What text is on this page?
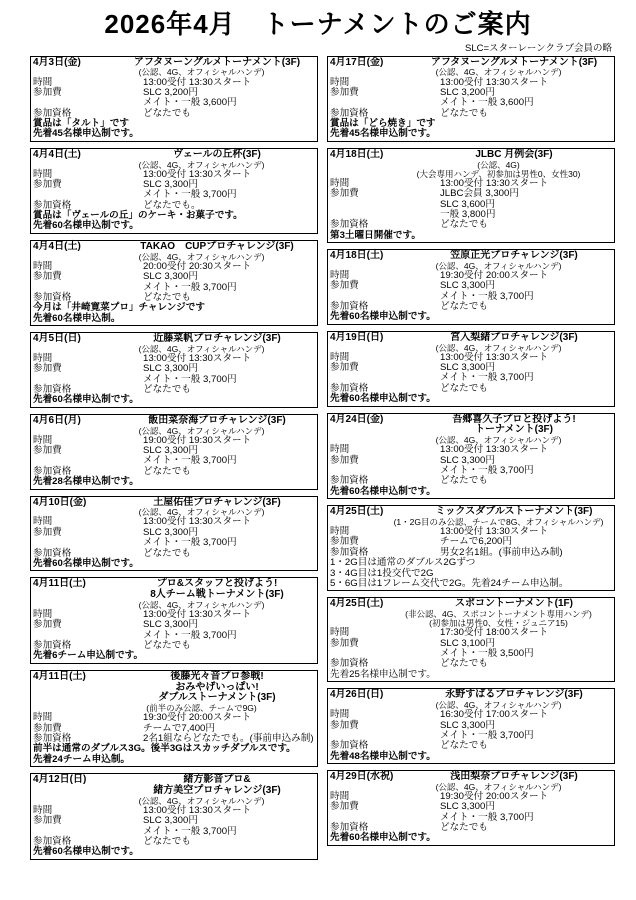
2026年4月　トーナメントのご案内
SLC=スターレーンクラブ会員の略
4月3日(金)	アフタヌーングルメトーナメント(3F)
(公認、4G、オフィシャルハンデ)
時間	13:00受付 13:30スタート
参加費	SLC 3,200円
メイト・一般 3,600円
参加資格	どなたでも
賞品は「タルト」です
先着45名様申込制です。
4月4日(土)	ヴェールの丘杯(3F)
(公認、4G、オフィシャルハンデ)
時間	13:00受付 13:30スタート
参加費	SLC 3,300円
メイト・一般 3,700円
参加資格	どなたでも。
賞品は「ヴェールの丘」のケーキ・お菓子です。
先着60名様申込制です。
4月4日(土)	TAKAO　CUPプロチャレンジ(3F)
(公認、4G、オフィシャルハンデ)
時間	20:00受付 20:30スタート
参加費	SLC 3,300円
メイト・一般 3,700円
参加資格	どなたでも
今月は「井崎寛菜プロ」チャレンジです
先着60名様申込制。
4月5日(日)	近藤菜帆プロチャレンジ(3F)
(公認、4G、オフィシャルハンデ)
時間	13:00受付 13:30スタート
参加費	SLC 3,300円
メイト・一般 3,700円
参加資格	どなたでも
先着60名様申込制です。
4月6日(月)	飯田菜奈海プロチャレンジ(3F)
(公認、4G、オフィシャルハンデ)
時間	19:00受付 19:30スタート
参加費	SLC 3,300円
メイト・一般 3,700円
参加資格	どなたでも
先着28名様申込制です。
4月10日(金)	土屋佑佳プロチャレンジ(3F)
(公認、4G、オフィシャルハンデ)
時間	13:00受付 13:30スタート
参加費	SLC 3,300円
メイト・一般 3,700円
参加資格	どなたでも
先着60名様申込制です。
4月11日(土)	プロ&スタッフと投げよう!
8人チーム戦トーナメント(3F)
(公認、4G、オフィシャルハンデ)
時間	13:00受付 13:30スタート
参加費	SLC 3,300円
メイト・一般 3,700円
参加資格	どなたでも
先着6チーム申込制です。
4月11日(土)	後藤光々音プロ参戦!
おみやげいっぱい!
ダブルストーナメント(3F)
(前半のみ公認、チームで9G)
時間	19:30受付 20:00スタート
参加費	チームで7,400円
参加資格	2名1組ならどなたでも。(事前申込み制)
前半は通常のダブルス3G。後半3Gはスカッチダブルスです。
先着24チーム申込制。
4月12日(日)	緒方影音プロ&
緒方美空プロチャレンジ(3F)
(公認、4G、オフィシャルハンデ)
時間	13:00受付 13:30スタート
参加費	SLC 3,300円
メイト・一般 3,700円
参加資格	どなたでも
先着60名様申込制です。
4月17日(金)	アフタヌーングルメトーナメント(3F)
(公認、4G、オフィシャルハンデ)
時間	13:00受付 13:30スタート
参加費	SLC 3,200円
メイト・一般 3,600円
参加資格	どなたでも
賞品は「どら焼き」です
先着45名様申込制です。
4月18日(土)	JLBC 月例会(3F)
(公認、4G)
(大会専用ハンデ、初参加は男性0、女性30)
時間	13:00受付 13:30スタート
参加費	JLBC会員 3,300円
SLC 3,600円
一般 3,800円
参加資格	どなたでも
第3土曜日開催です。
4月18日(土)	笠原正光プロチャレンジ(3F)
(公認、4G、オフィシャルハンデ)
時間	19:30受付 20:00スタート
参加費	SLC 3,300円
メイト・一般 3,700円
参加資格	どなたでも
先着60名様申込制です。
4月19日(日)	宮入梨緒プロチャレンジ(3F)
(公認、4G、オフィシャルハンデ)
時間	13:00受付 13:30スタート
参加費	SLC 3,300円
メイト・一般 3,700円
参加資格	どなたでも
先着60名様申込制です。
4月24日(金)	吾郷喜久子プロと投げよう!
トーナメント(3F)
(公認、4G、オフィシャルハンデ)
時間	13:00受付 13:30スタート
参加費	SLC 3,300円
メイト・一般 3,700円
参加資格	どなたでも
先着60名様申込制です。
4月25日(土)	ミックスダブルストーナメント(3F)
(1・2G目のみ公認、チームで8G、オフィシャルハンデ)
時間	13:00受付 13:30スタート
参加費	チームで6,200円
参加資格	男女2名1組。(事前申込み制)
1・2G目は通常のダブルス2Gずつ
3・4G目は1投交代で2G
5・6G目は1フレーム交代で2G。先着24チーム申込制。
4月25日(土)	スポコントーナメント(1F)
(非公認、4G、スポコントーナメント専用ハンデ)
(初参加は男性0、女性・ジュニア15)
時間	17:30受付 18:00スタート
参加費	SLC 3,100円
メイト・一般 3,500円
参加資格	どなたでも
先着25名様申込制です。
4月26日(日)	永野すばるプロチャレンジ(3F)
(公認、4G、オフィシャルハンデ)
時間	16:30受付 17:00スタート
参加費	SLC 3,300円
メイト・一般 3,700円
参加資格	どなたでも
先着48名様申込制です。
4月29日(水祝)	浅田梨奈プロチャレンジ(3F)
(公認、4G、オフィシャルハンデ)
時間	19:30受付 20:00スタート
参加費	SLC 3,300円
メイト・一般 3,700円
参加資格	どなたでも
先着60名様申込制です。
